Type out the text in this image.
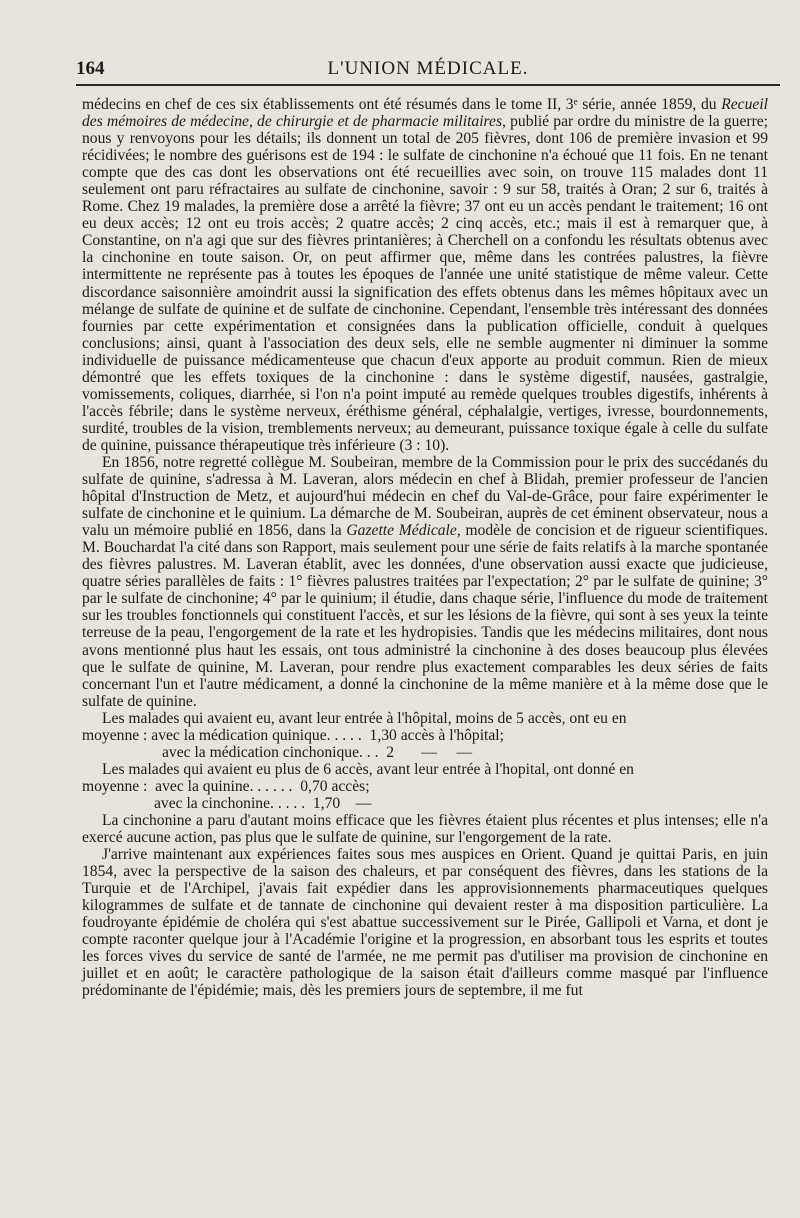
164	L'UNION MÉDICALE.

médecins en chef de ces six établissements ont été résumés dans le tome II, 3ᵉ série, année 1859, du Recueil des mémoires de médecine, de chirurgie et de pharmacie militaires, publié par ordre du ministre de la guerre; nous y renvoyons pour les détails; ils donnent un total de 205 fièvres, dont 106 de première invasion et 99 récidivées; le nombre des guérisons est de 194 : le sulfate de cinchonine n'a échoué que 11 fois. En ne tenant compte que des cas dont les observations ont été recueillies avec soin, on trouve 115 malades dont 11 seulement ont paru réfractaires au sulfate de cinchonine, savoir : 9 sur 58, traités à Oran; 2 sur 6, traités à Rome. Chez 19 malades, la première dose a arrêté la fièvre; 37 ont eu un accès pendant le traitement; 16 ont eu deux accès; 12 ont eu trois accès; 2 quatre accès; 2 cinq accès, etc.; mais il est à remarquer que, à Constantine, on n'a agi que sur des fièvres printanières; à Cherchell on a confondu les résultats obtenus avec la cinchonine en toute saison. Or, on peut affirmer que, même dans les contrées palustres, la fièvre intermittente ne représente pas à toutes les époques de l'année une unité statistique de même valeur. Cette discordance saisonnière amoindrit aussi la signification des effets obtenus dans les mêmes hôpitaux avec un mélange de sulfate de quinine et de sulfate de cinchonine. Cependant, l'ensemble très intéressant des données fournies par cette expérimentation et consignées dans la publication officielle, conduit à quelques conclusions; ainsi, quant à l'association des deux sels, elle ne semble augmenter ni diminuer la somme individuelle de puissance médicamenteuse que chacun d'eux apporte au produit commun. Rien de mieux démontré que les effets toxiques de la cinchonine : dans le système digestif, nausées, gastralgie, vomissements, coliques, diarrhée, si l'on n'a point imputé au remède quelques troubles digestifs, inhérents à l'accès fébrile; dans le système nerveux, éréthisme général, céphalalgie, vertiges, ivresse, bourdonnements, surdité, troubles de la vision, tremblements nerveux; au demeurant, puissance toxique égale à celle du sulfate de quinine, puissance thérapeutique très inférieure (3 : 10).

En 1856, notre regretté collègue M. Soubeiran, membre de la Commission pour le prix des succédanés du sulfate de quinine, s'adressa à M. Laveran, alors médecin en chef à Blidah, premier professeur de l'ancien hôpital d'Instruction de Metz, et aujourd'hui médecin en chef du Val-de-Grâce, pour faire expérimenter le sulfate de cinchonine et le quinium. La démarche de M. Soubeiran, auprès de cet éminent observateur, nous a valu un mémoire publié en 1856, dans la Gazette Médicale, modèle de concision et de rigueur scientifiques. M. Bouchardat l'a cité dans son Rapport, mais seulement pour une série de faits relatifs à la marche spontanée des fièvres palustres. M. Laveran établit, avec les données, d'une observation aussi exacte que judicieuse, quatre séries parallèles de faits : 1° fièvres palustres traitées par l'expectation; 2° par le sulfate de quinine; 3° par le sulfate de cinchonine; 4° par le quinium; il étudie, dans chaque série, l'influence du mode de traitement sur les troubles fonctionnels qui constituent l'accès, et sur les lésions de la fièvre, qui sont à ses yeux la teinte terreuse de la peau, l'engorgement de la rate et les hydropisies. Tandis que les médecins militaires, dont nous avons mentionné plus haut les essais, ont tous administré la cinchonine à des doses beaucoup plus élevées que le sulfate de quinine, M. Laveran, pour rendre plus exactement comparables les deux séries de faits concernant l'un et l'autre médicament, a donné la cinchonine de la même manière et à la même dose que le sulfate de quinine.

Les malades qui avaient eu, avant leur entrée à l'hôpital, moins de 5 accès, ont eu en

moyenne : avec la médication quinique. . . . .  1,30 accès à l'hôpital;
avec la médication cinchonique. . .  2       —     —

Les malades qui avaient eu plus de 6 accès, avant leur entrée à l'hopital, ont donné en

moyenne :  avec la quinine. . . . . .  0,70 accès;
avec la cinchonine. . . . .  1,70    —

La cinchonine a paru d'autant moins efficace que les fièvres étaient plus récentes et plus intenses; elle n'a exercé aucune action, pas plus que le sulfate de quinine, sur l'engorgement de la rate.

J'arrive maintenant aux expériences faites sous mes auspices en Orient. Quand je quittai Paris, en juin 1854, avec la perspective de la saison des chaleurs, et par conséquent des fièvres, dans les stations de la Turquie et de l'Archipel, j'avais fait expédier dans les approvisionnements pharmaceutiques quelques kilogrammes de sulfate et de tannate de cinchonine qui devaient rester à ma disposition particulière. La foudroyante épidémie de choléra qui s'est abattue successivement sur le Pirée, Gallipoli et Varna, et dont je compte raconter quelque jour à l'Académie l'origine et la progression, en absorbant tous les esprits et toutes les forces vives du service de santé de l'armée, ne me permit pas d'utiliser ma provision de cinchonine en juillet et en août; le caractère pathologique de la saison était d'ailleurs comme masqué par l'influence prédominante de l'épidémie; mais, dès les premiers jours de septembre, il me fut
